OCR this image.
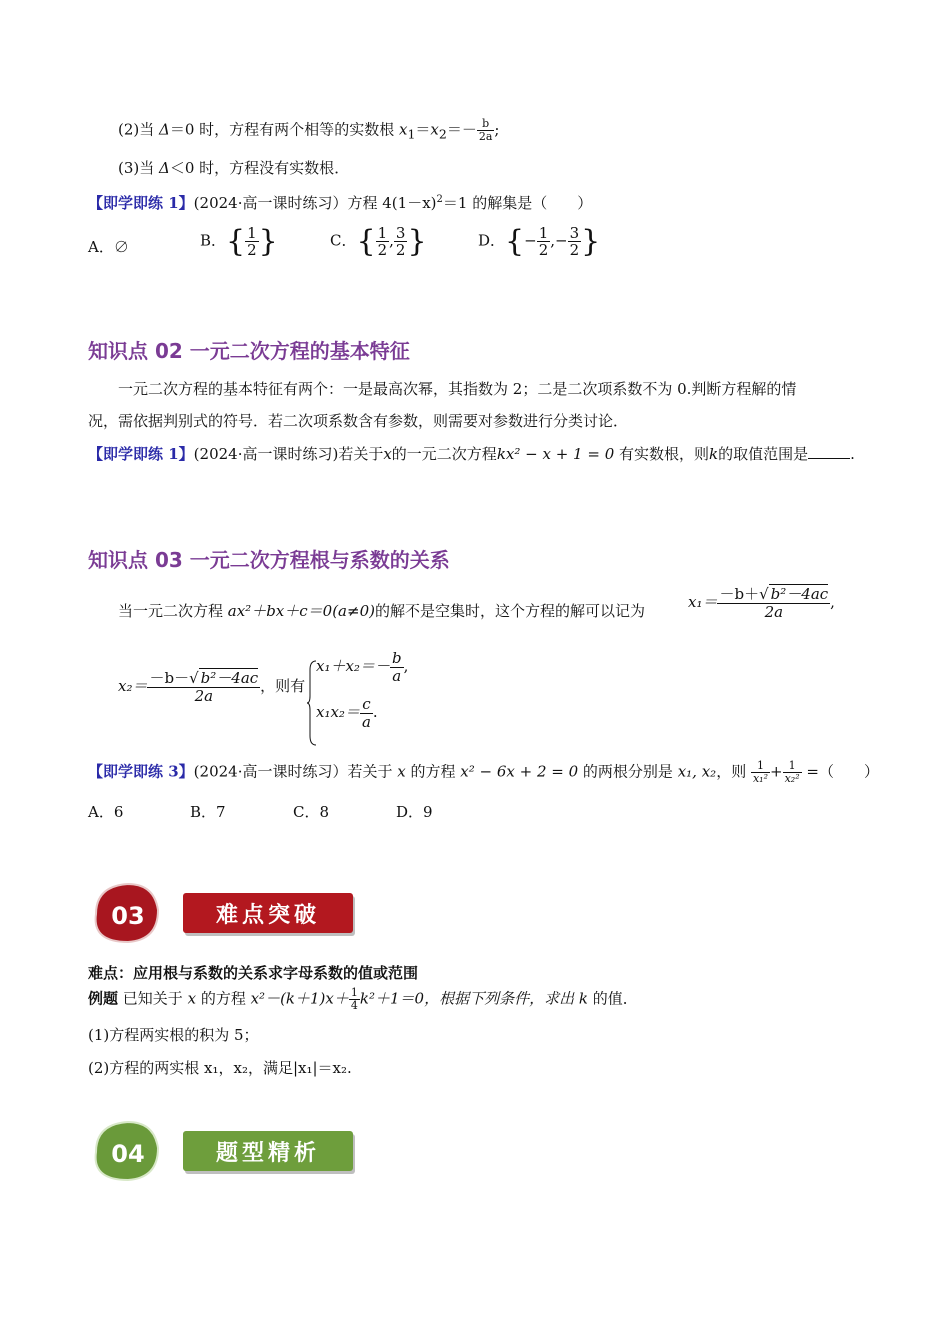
(2)当 Δ＝0 时，方程有两个相等的实数根 $x_1=x_2=- \frac{b}{2a}$ ;
(3)当 Δ＜0 时，方程没有实数根．
【即学即练 1】(2024·高一课时练习）方程 $4(1-x)^2=1$ 的解集是（　　）
A．∅	B．{ $\frac{1}{2}$ }	C．{ $\frac{1}{2}$ , $\frac{3}{2}$ }	D．{− $\frac{1}{2}$ ,− $\frac{3}{2}$ }
知识点 02 一元二次方程的基本特征
一元二次方程的基本特征有两个：一是最高次幂，其指数为 2；二是二次项系数不为 0.判断方程解的情
况，需依据判别式的符号．若二次项系数含有参数，则需要对参数进行分类讨论．
【即学即练 1】(2024·高一课时练习)若关于x的一元二次方程kx² − x + 1 = 0 有实数根，则k的取值范围是	.
知识点 03 一元二次方程根与系数的关系
当一元二次方程 ax²＋bx＋c＝0(a≠0)的解不是空集时，这个方程的解可以记为	$x_1= \frac{\text{－b＋√ b²－4ac}}{2a}$ ,
$x_2= \frac{\text{－b－√ b²－4ac}}{2a}$ ，则有
$x_1+x_2=- \frac{b}{a}$ ,
$x_1x_2= \frac{c}{a}$ .
【即学即练 3】(2024·高一课时练习）若关于 x 的方程 x² − 6x + 2 = 0 的两根分别是 x₁, x₂，则 $\frac{1}{\text{x₁²}} + \frac{1}{\text{x₂²}}$ =（　　）
A．6	B．7	C．8	D．9
03	难点突破
难点：应用根与系数的关系求字母系数的值或范围
例题 已知关于 x 的方程 $x^2-(k+1)x+ \frac{1}{4} k^2+1=0$，根据下列条件，求出 k 的值．
(1)方程两实根的积为 5；
(2)方程的两实根 x₁，x₂，满足|x₁|＝x₂.
04	题型精析
